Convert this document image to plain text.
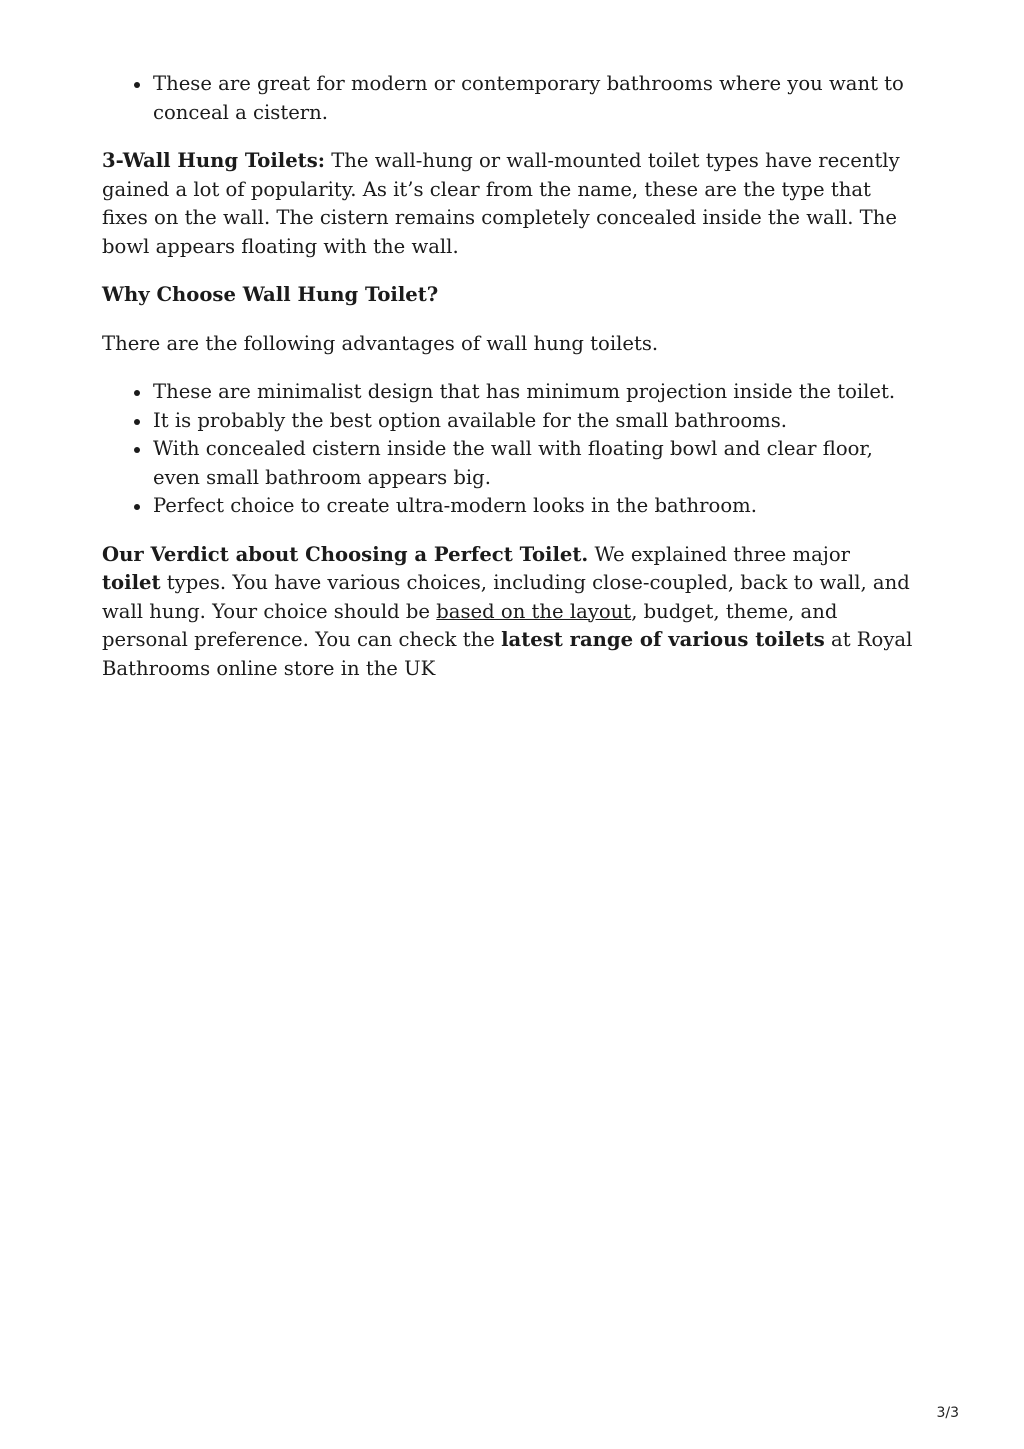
These are great for modern or contemporary bathrooms where you want to conceal a cistern.

3-Wall Hung Toilets: The wall-hung or wall-mounted toilet types have recently gained a lot of popularity. As it’s clear from the name, these are the type that fixes on the wall. The cistern remains completely concealed inside the wall. The bowl appears floating with the wall.

Why Choose Wall Hung Toilet?

There are the following advantages of wall hung toilets.

These are minimalist design that has minimum projection inside the toilet.
It is probably the best option available for the small bathrooms.
With concealed cistern inside the wall with floating bowl and clear floor, even small bathroom appears big.
Perfect choice to create ultra-modern looks in the bathroom.

Our Verdict about Choosing a Perfect Toilet. We explained three major toilet types. You have various choices, including close-coupled, back to wall, and wall hung. Your choice should be based on the layout, budget, theme, and personal preference. You can check the latest range of various toilets at Royal Bathrooms online store in the UK

3/3
